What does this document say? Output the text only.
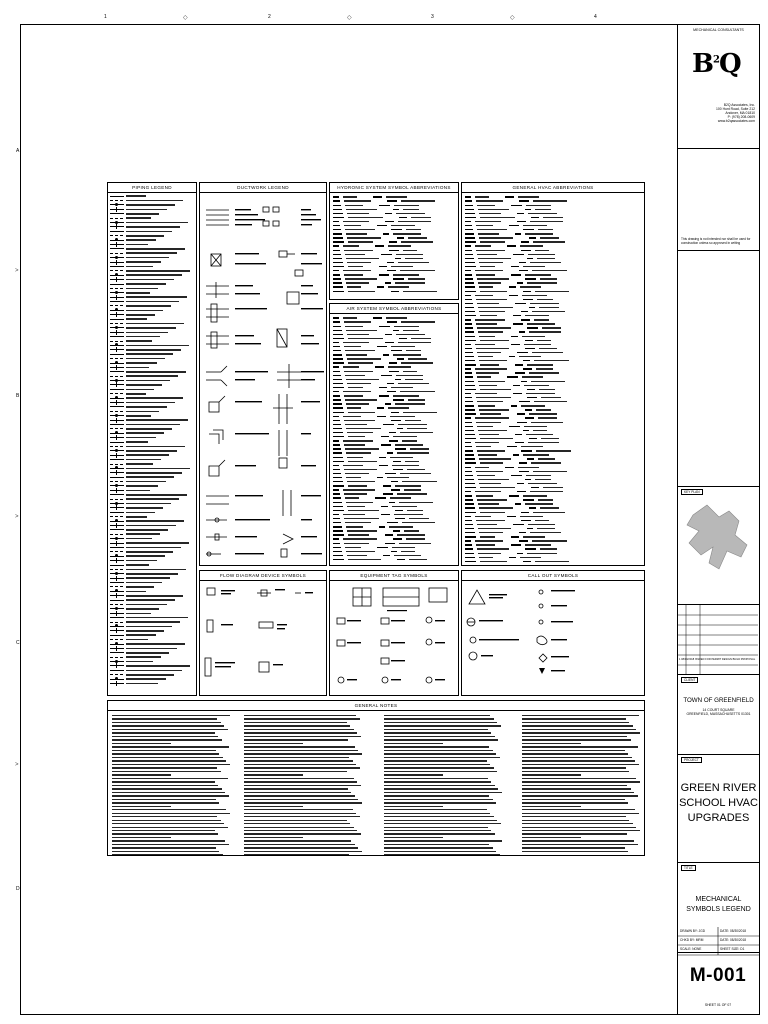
1	2	3	4
A
B
C
D
◇	◇	◇
>
>
>
PIPING LEGEND	DUCTWORK LEGEND	HYDRONIC SYSTEM SYMBOL ABBREVIATIONS
AIR SYSTEM SYMBOL ABBREVIATIONS
GENERAL HVAC ABBREVIATIONS
FLOW DIAGRAM DEVICE SYMBOLS	EQUIPMENT TAG SYMBOLS	CALL OUT SYMBOLS
GENERAL NOTES
MECHANICAL CONSULTANTS
$B^2Q$
B2Q Associates, Inc.
100 Hunt Road, Suite 212
Andover, MA 01810
P: (978) 208-0609
www.b2qassociates.com
This drawing is not intended nor shall be used for construction unless so approved in writing
KEY PLAN
1 08/30/2018 ISSUED FOR PERMIT DESIGN BUILD PROPOSAL
CLIENT
TOWN OF GREENFIELD
14 COURT SQUARE
GREENFIELD, MASSACHUSETTS 01301
PROJECT
GREEN RIVER
SCHOOL HVAC
UPGRADES
TITLE
MECHANICAL
SYMBOLS LEGEND
DRAWN BY: JGD	DATE: 08/30/2018
CHKD BY: MRM	DATE: 08/30/2018
SCALE: NONE	SHEET SIZE: D1
M-001
SHEET 01 OF 07
